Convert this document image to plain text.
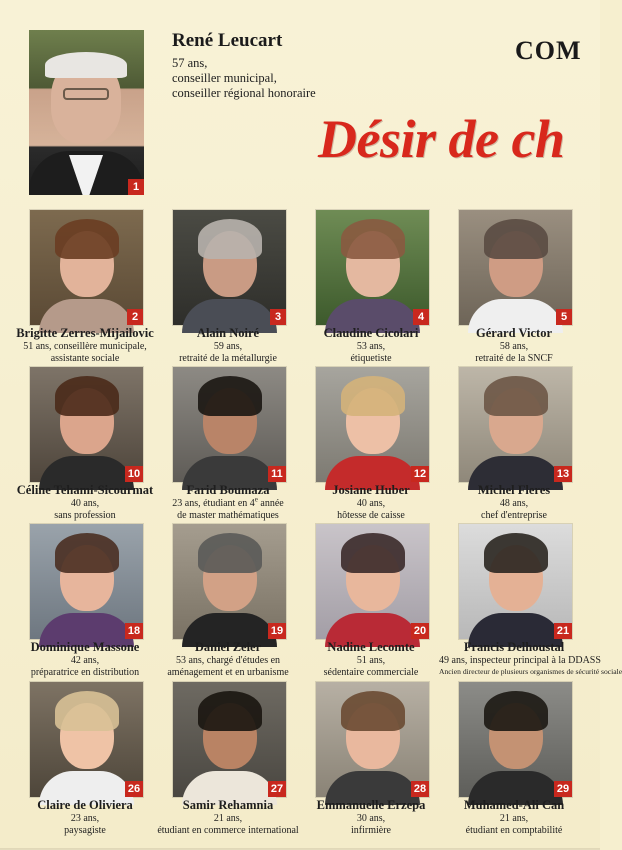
1
René Leucart
57 ans,
conseiller municipal,
conseiller régional honoraire
COM
Désir de ch
2
Brigitte Zerres-Mijailovic
51 ans, conseillère municipale,
assistante sociale
3
Alain Noiré
59 ans,
retraité de la métallurgie
4
Claudine Cicolari
53 ans,
étiquetiste
5
Gérard Victor
58 ans,
retraité de la SNCF
10
Céline Tehami-Sicourmat
40 ans,
sans profession
11
Farid Boumaza
23 ans, étudiant en 4e année
de master mathématiques
12
Josiane Huber
40 ans,
hôtesse de caisse
13
Michel Fleres
48 ans,
chef d'entreprise
18
Dominique Massone
42 ans,
préparatrice en distribution
19
Daniel Zeler
53 ans, chargé d'études en
aménagement et en urbanisme
20
Nadine Lecomte
51 ans,
sédentaire commerciale
21
Francis Delhoustal
49 ans, inspecteur principal à la DDASS
Ancien directeur de plusieurs organismes de sécurité sociale
26
Claire de Oliviera
23 ans,
paysagiste
27
Samir Rehamnia
21 ans,
étudiant en commerce international
28
Emmanuelle Erzepa
30 ans,
infirmière
29
Muhamed-Ali Can
21 ans,
étudiant en comptabilité
